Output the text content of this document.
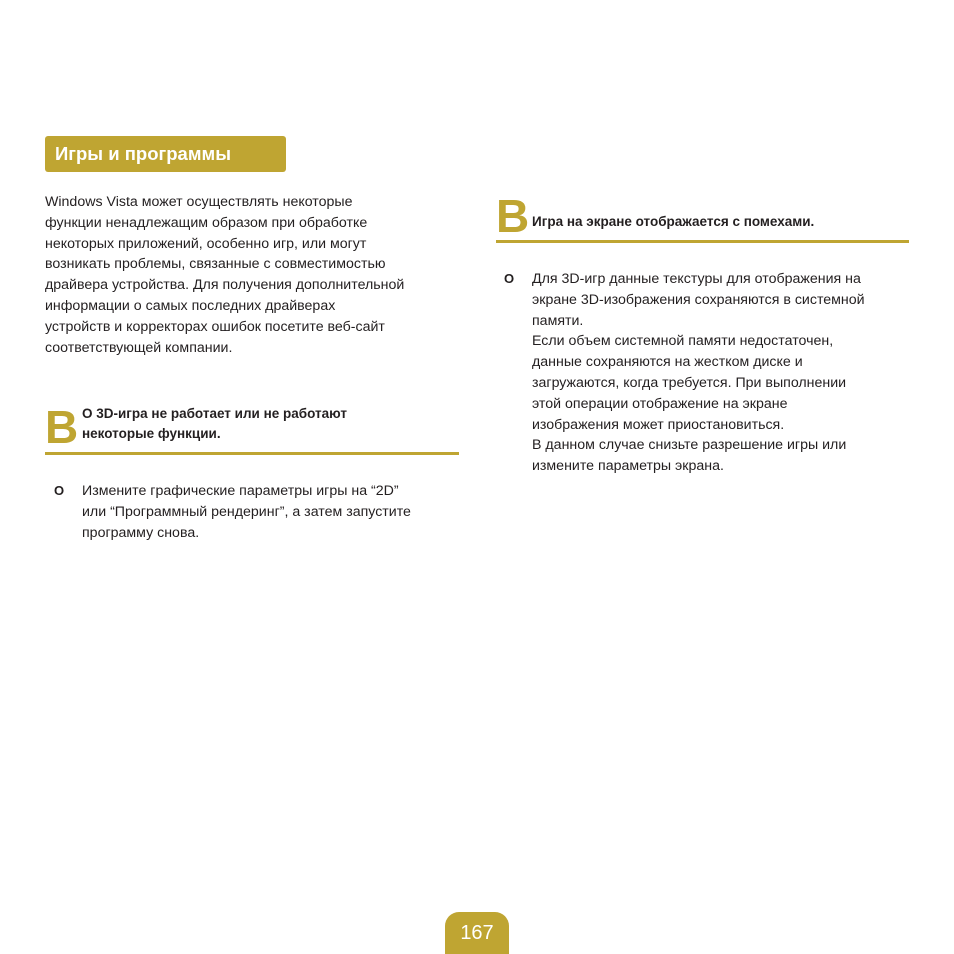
Игры и программы
Windows Vista может осуществлять некоторые
функции ненадлежащим образом при обработке
некоторых приложений, особенно игр, или могут
возникать проблемы, связанные с совместимостью
драйвера устройства. Для получения дополнительной
информации о самых последних драйверах
устройств и корректорах ошибок посетите веб-сайт
соответствующей компании.
В О 3D-игра не работает или не работают
некоторые функции.
O Измените графические параметры игры на “2D”
или “Программный рендеринг”, а затем запустите
программу снова.
В Игра на экране отображается с помехами.
O Для 3D-игр данные текстуры для отображения на
экране 3D-изображения сохраняются в системной
памяти.
Если объем системной памяти недостаточен,
данные сохраняются на жестком диске и
загружаются, когда требуется. При выполнении
этой операции отображение на экране
изображения может приостановиться.
В данном случае снизьте разрешение игры или
измените параметры экрана.
167
